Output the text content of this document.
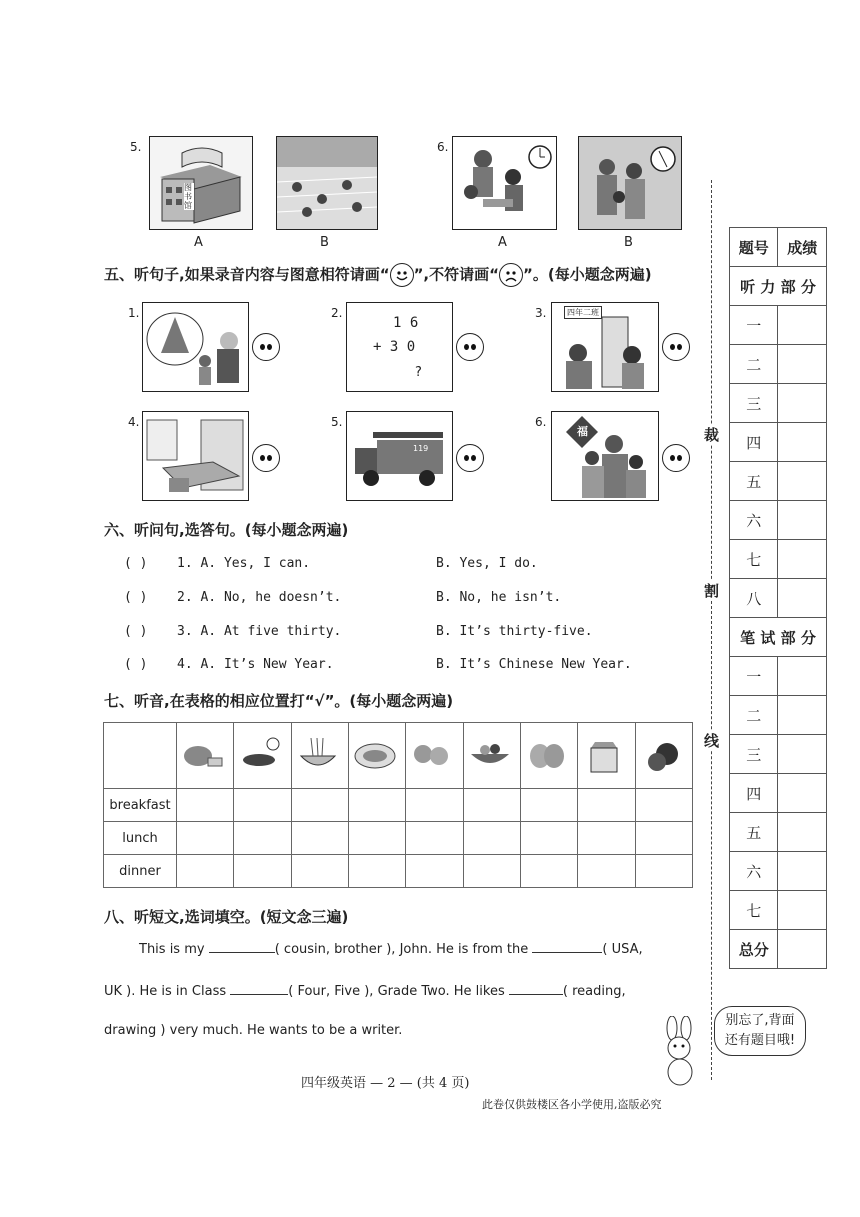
5.
图书馆
6.
A	B	A	B
五、听句子,如果录音内容与图意相符请画“ ”,不符请画“ ”。(每小题念两遍)
1.	2.
1 6
+ 3 0
?
3.	四年二班
4.	5.
119
6.
福
六、听问句,选答句。(每小题念两遍)
( ) 1. A. Yes, I can.	B. Yes, I do.
( ) 2. A. No, he doesn’t.	B. No, he isn’t.
( ) 3. A. At five thirty.	B. It’s thirty-five.
( ) 4. A. It’s New Year.	B. It’s Chinese New Year.
七、听音,在表格的相应位置打“√”。(每小题念两遍)

breakfast									
lunch									
dinner									
八、听短文,选词填空。(短文念三遍)
This is my	( cousin, brother ), John. He is from the	( USA,
UK ). He is in Class	( Four, Five ), Grade Two. He likes	( reading,
drawing ) very much. He wants to be a writer.
别忘了,背面
还有题目哦!
四年级英语 — 2 — (共 4 页)
此卷仅供鼓楼区各小学使用,盗版必究
裁
割
线
题号	成绩
听 力 部 分	
一	
二	
三	
四	
五	
六	
七	
八	
笔 试 部 分	
一	
二	
三	
四	
五	
六	
七	
总分	
